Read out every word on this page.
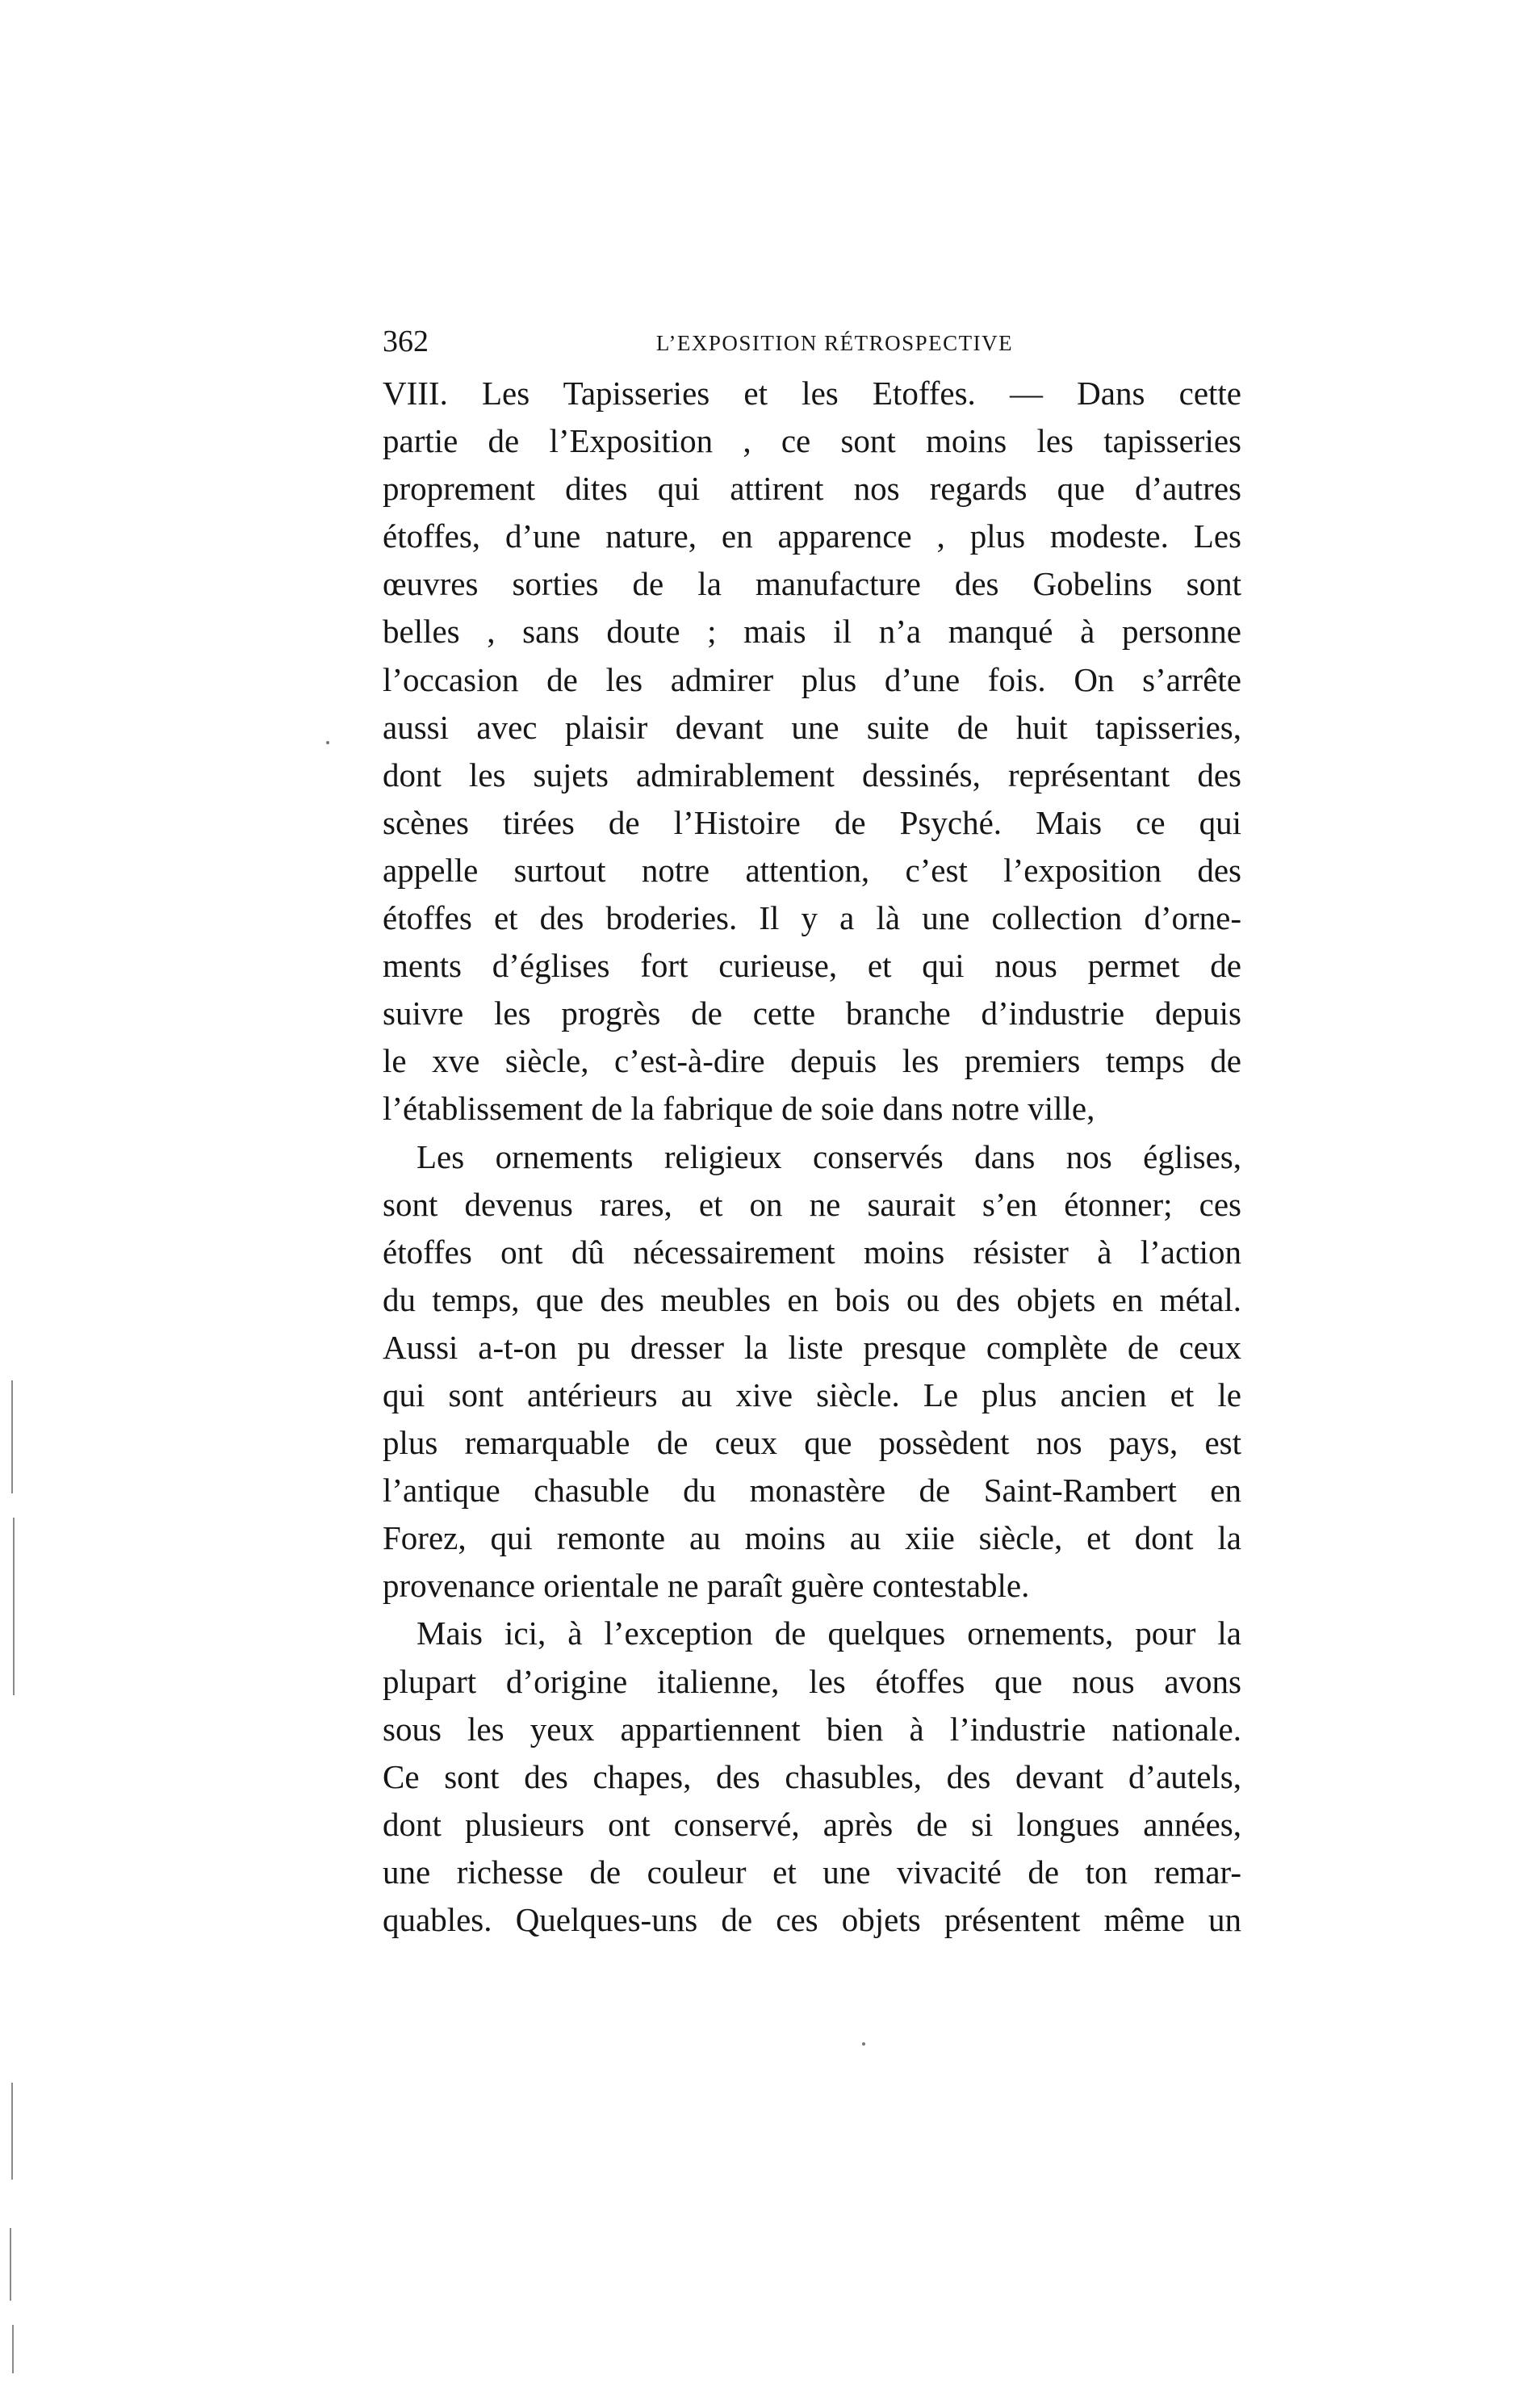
362	L’EXPOSITION RÉTROSPECTIVE
VIII. Les Tapisseries et les Etoffes. — Dans cette
partie de l’Exposition , ce sont moins les tapisseries
proprement dites qui attirent nos regards que d’autres
étoffes, d’une nature, en apparence , plus modeste. Les
œuvres sorties de la manufacture des Gobelins sont
belles , sans doute ; mais il n’a manqué à personne
l’occasion de les admirer plus d’une fois. On s’arrête
aussi avec plaisir devant une suite de huit tapisseries,
dont les sujets admirablement dessinés, représentant des
scènes tirées de l’Histoire de Psyché. Mais ce qui
appelle surtout notre attention, c’est l’exposition des
étoffes et des broderies. Il y a là une collection d’orne-
ments d’églises fort curieuse, et qui nous permet de
suivre les progrès de cette branche d’industrie depuis
le xve siècle, c’est-à-dire depuis les premiers temps de
l’établissement de la fabrique de soie dans notre ville,
Les ornements religieux conservés dans nos églises,
sont devenus rares, et on ne saurait s’en étonner; ces
étoffes ont dû nécessairement moins résister à l’action
du temps, que des meubles en bois ou des objets en métal.
Aussi a-t-on pu dresser la liste presque complète de ceux
qui sont antérieurs au xive siècle. Le plus ancien et le
plus remarquable de ceux que possèdent nos pays, est
l’antique chasuble du monastère de Saint-Rambert en
Forez, qui remonte au moins au xiie siècle, et dont la
provenance orientale ne paraît guère contestable.
Mais ici, à l’exception de quelques ornements, pour la
plupart d’origine italienne, les étoffes que nous avons
sous les yeux appartiennent bien à l’industrie nationale.
Ce sont des chapes, des chasubles, des devant d’autels,
dont plusieurs ont conservé, après de si longues années,
une richesse de couleur et une vivacité de ton remar-
quables. Quelques-uns de ces objets présentent même un
